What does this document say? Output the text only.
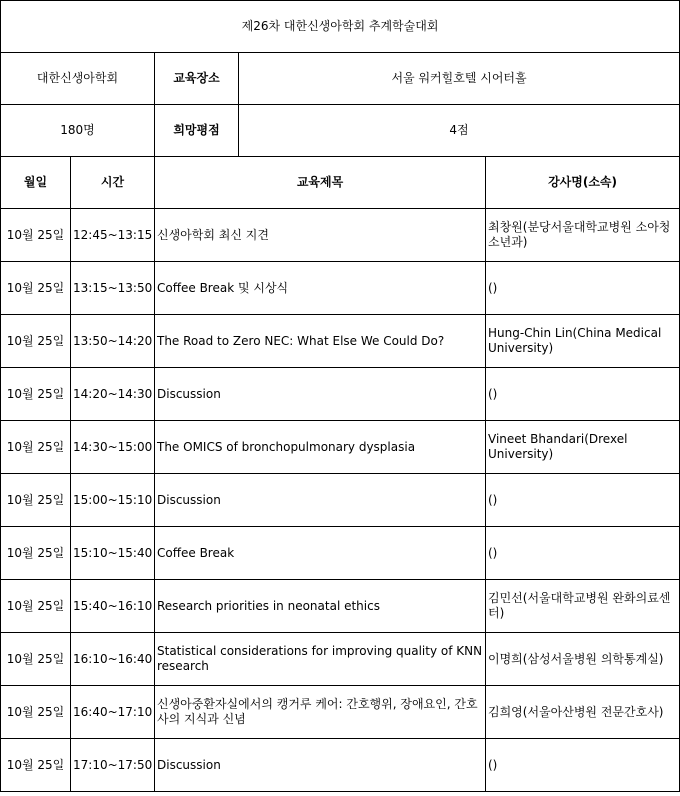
제26차 대한신생아학회 추계학술대회				
대한신생아학회		교육장소	서울 워커힐호텔 시어터홀	
180명		희망평점	4점	
월일	시간	교육제목		강사명(소속)
10월 25일	12:45~13:15	신생아학회 최신 지견		최창원(분당서울대학교병원 소아청소년과)
10월 25일	13:15~13:50	Coffee Break 및 시상식		()
10월 25일	13:50~14:20	The Road to Zero NEC: What Else We Could Do?		Hung-Chin Lin(China Medical University)
10월 25일	14:20~14:30	Discussion		()
10월 25일	14:30~15:00	The OMICS of bronchopulmonary dysplasia		Vineet Bhandari(Drexel University)
10월 25일	15:00~15:10	Discussion		()
10월 25일	15:10~15:40	Coffee Break		()
10월 25일	15:40~16:10	Research priorities in neonatal ethics		김민선(서울대학교병원 완화의료센터)
10월 25일	16:10~16:40	Statistical considerations for improving quality of KNN research		이명희(삼성서울병원 의학통계실)
10월 25일	16:40~17:10	신생아중환자실에서의 캥거루 케어: 간호행위, 장애요인, 간호사의 지식과 신념		김희영(서울아산병원 전문간호사)
10월 25일	17:10~17:50	Discussion		()
